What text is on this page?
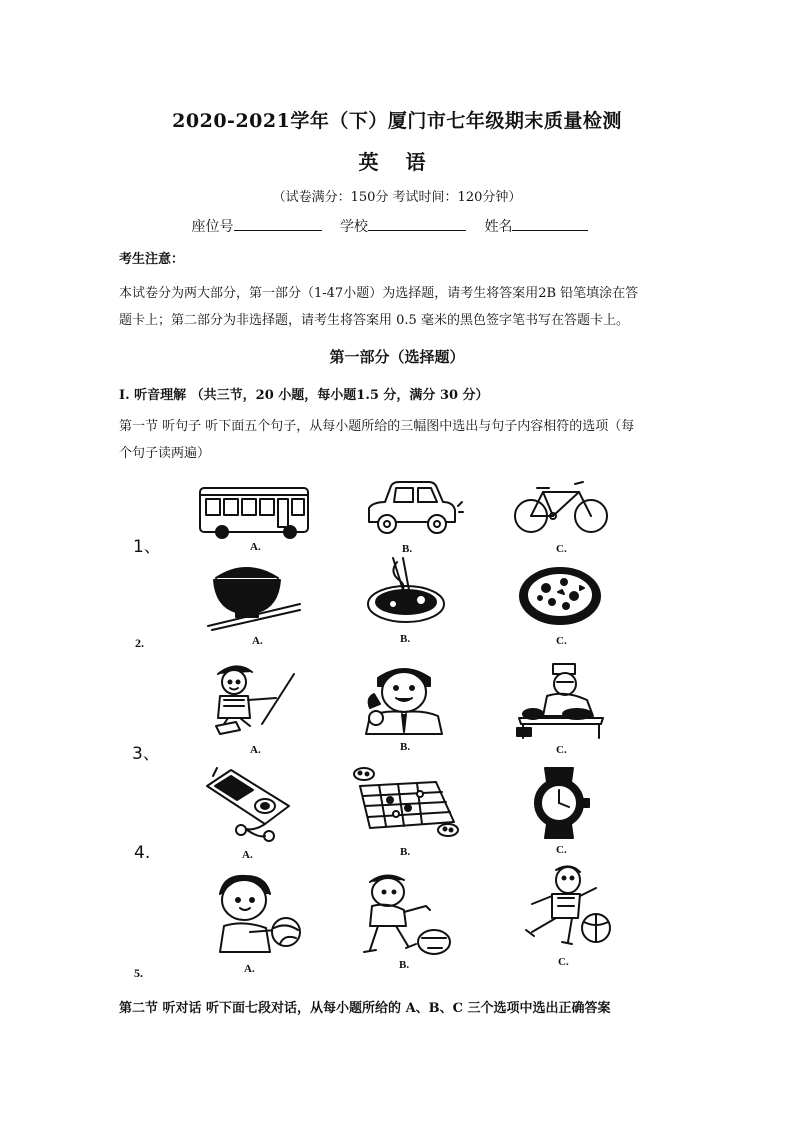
2020-2021学年（下）厦门市七年级期末质量检测
英 语
（试卷满分：150分 考试时间：120分钟）
座位号	学校	姓名
考生注意：
本试卷分为两大部分，第一部分（1-47小题）为选择题，请考生将答案用2B 铅笔填涂在答
题卡上；第二部分为非选择题，请考生将答案用 0.5 毫米的黑色签字笔书写在答题卡上。
第一部分（选择题）
I. 听音理解 （共三节，20 小题，每小题1.5 分，满分 30 分）
第一节 听句子 听下面五个句子，从每小题所给的三幅图中选出与句子内容相符的选项（每
个句子读两遍）
1、	A.	B.	C.
2.	A.	B.	C.
3、	A.	B.	C.
4.	A.	B.	C.
5.	A.	B.	C.
第二节 听对话 听下面七段对话，从每小题所给的 A、B、C 三个选项中选出正确答案
